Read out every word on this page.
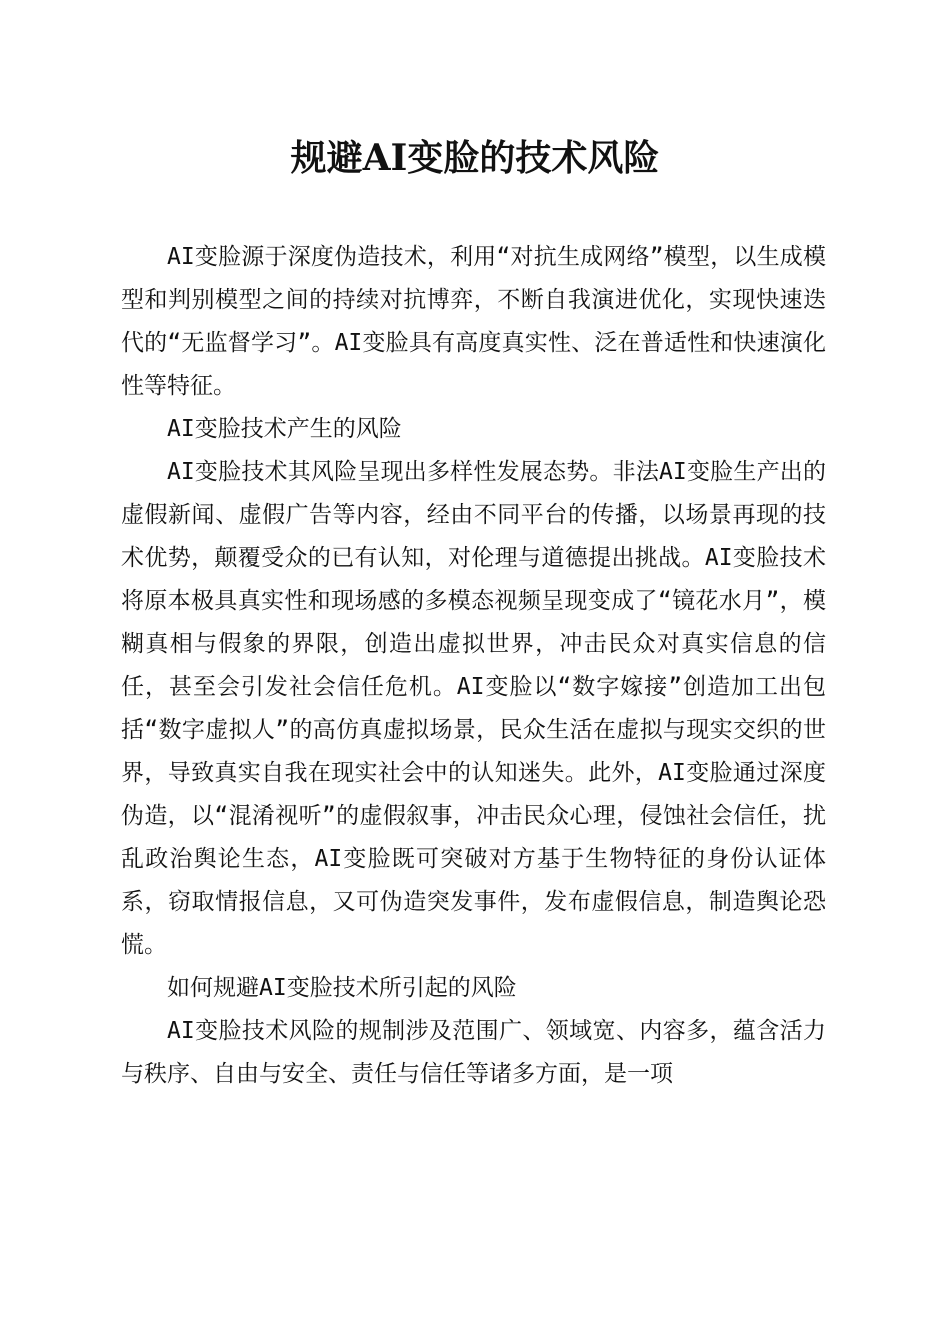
规避AI变脸的技术风险

AI变脸源于深度伪造技术，利用“对抗生成网络”模型，以生成模型和判别模型之间的持续对抗博弈，不断自我演进优化，实现快速迭代的“无监督学习”。AI变脸具有高度真实性、泛在普适性和快速演化性等特征。

AI变脸技术产生的风险

AI变脸技术其风险呈现出多样性发展态势。非法AI变脸生产出的虚假新闻、虚假广告等内容，经由不同平台的传播，以场景再现的技术优势，颠覆受众的已有认知，对伦理与道德提出挑战。AI变脸技术将原本极具真实性和现场感的多模态视频呈现变成了“镜花水月”，模糊真相与假象的界限，创造出虚拟世界，冲击民众对真实信息的信任，甚至会引发社会信任危机。AI变脸以“数字嫁接”创造加工出包括“数字虚拟人”的高仿真虚拟场景，民众生活在虚拟与现实交织的世界，导致真实自我在现实社会中的认知迷失。此外，AI变脸通过深度伪造，以“混淆视听”的虚假叙事，冲击民众心理，侵蚀社会信任，扰乱政治舆论生态，AI变脸既可突破对方基于生物特征的身份认证体系，窃取情报信息，又可伪造突发事件，发布虚假信息，制造舆论恐慌。

如何规避AI变脸技术所引起的风险

AI变脸技术风险的规制涉及范围广、领域宽、内容多，蕴含活力与秩序、自由与安全、责任与信任等诸多方面，是一项
